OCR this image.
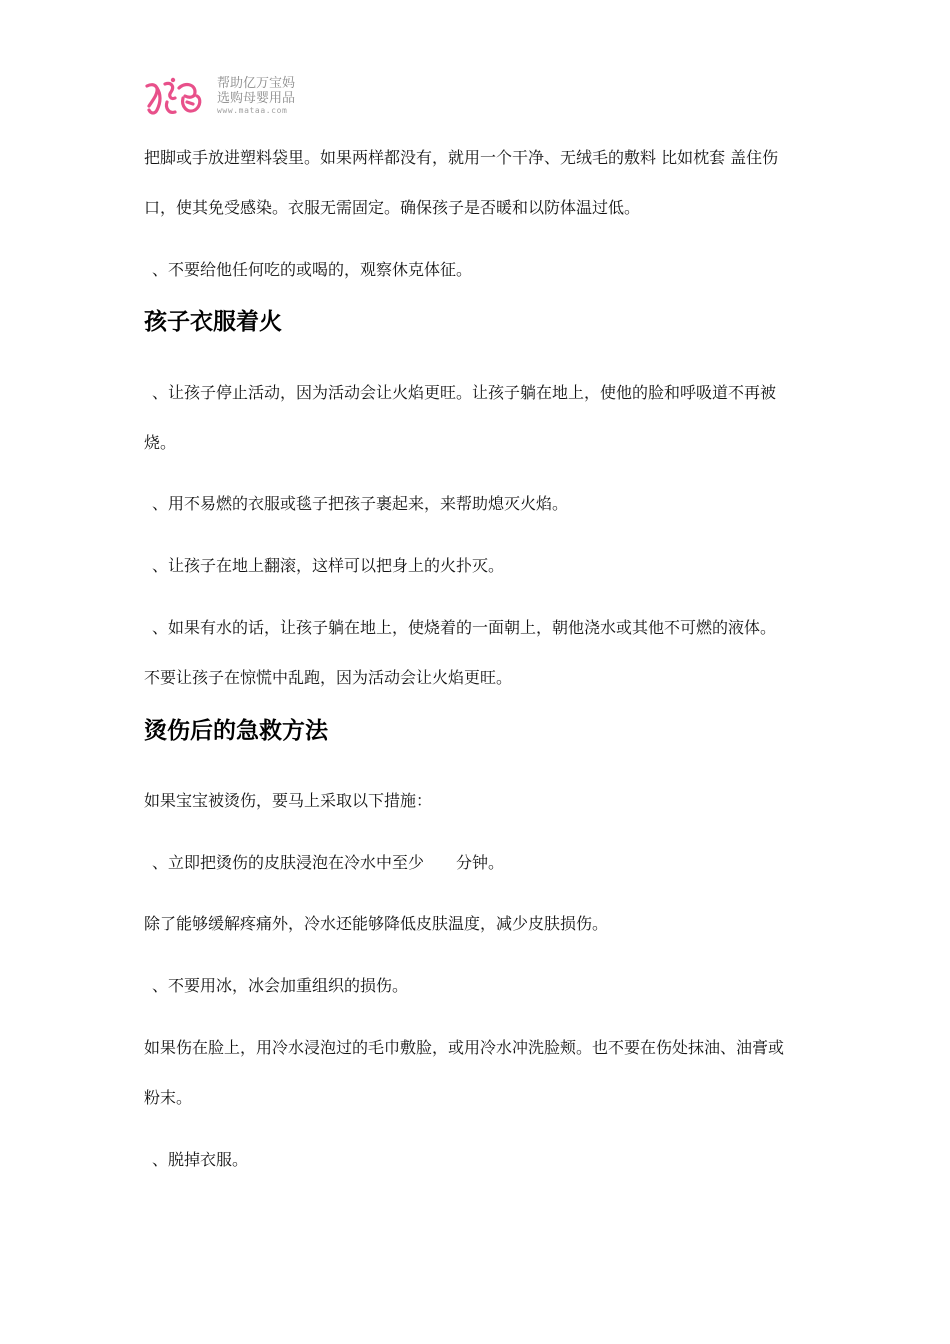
帮助亿万宝妈
选购母婴用品
www.mataa.com
把脚或手放进塑料袋里。如果两样都没有，就用一个干净、无绒毛的敷料 比如枕套 盖住伤
口，使其免受感染。衣服无需固定。确保孩子是否暖和以防体温过低。
、不要给他任何吃的或喝的，观察休克体征。
孩子衣服着火
、让孩子停止活动，因为活动会让火焰更旺。让孩子躺在地上，使他的脸和呼吸道不再被
烧。
、用不易燃的衣服或毯子把孩子裹起来，来帮助熄灭火焰。
、让孩子在地上翻滚，这样可以把身上的火扑灭。
、如果有水的话，让孩子躺在地上，使烧着的一面朝上，朝他浇水或其他不可燃的液体。
不要让孩子在惊慌中乱跑，因为活动会让火焰更旺。
烫伤后的急救方法
如果宝宝被烫伤，要马上采取以下措施：
、立即把烫伤的皮肤浸泡在冷水中至少　　分钟。
除了能够缓解疼痛外，冷水还能够降低皮肤温度，减少皮肤损伤。
、不要用冰，冰会加重组织的损伤。
如果伤在脸上，用冷水浸泡过的毛巾敷脸，或用冷水冲洗脸颊。也不要在伤处抹油、油膏或
粉末。
、脱掉衣服。
